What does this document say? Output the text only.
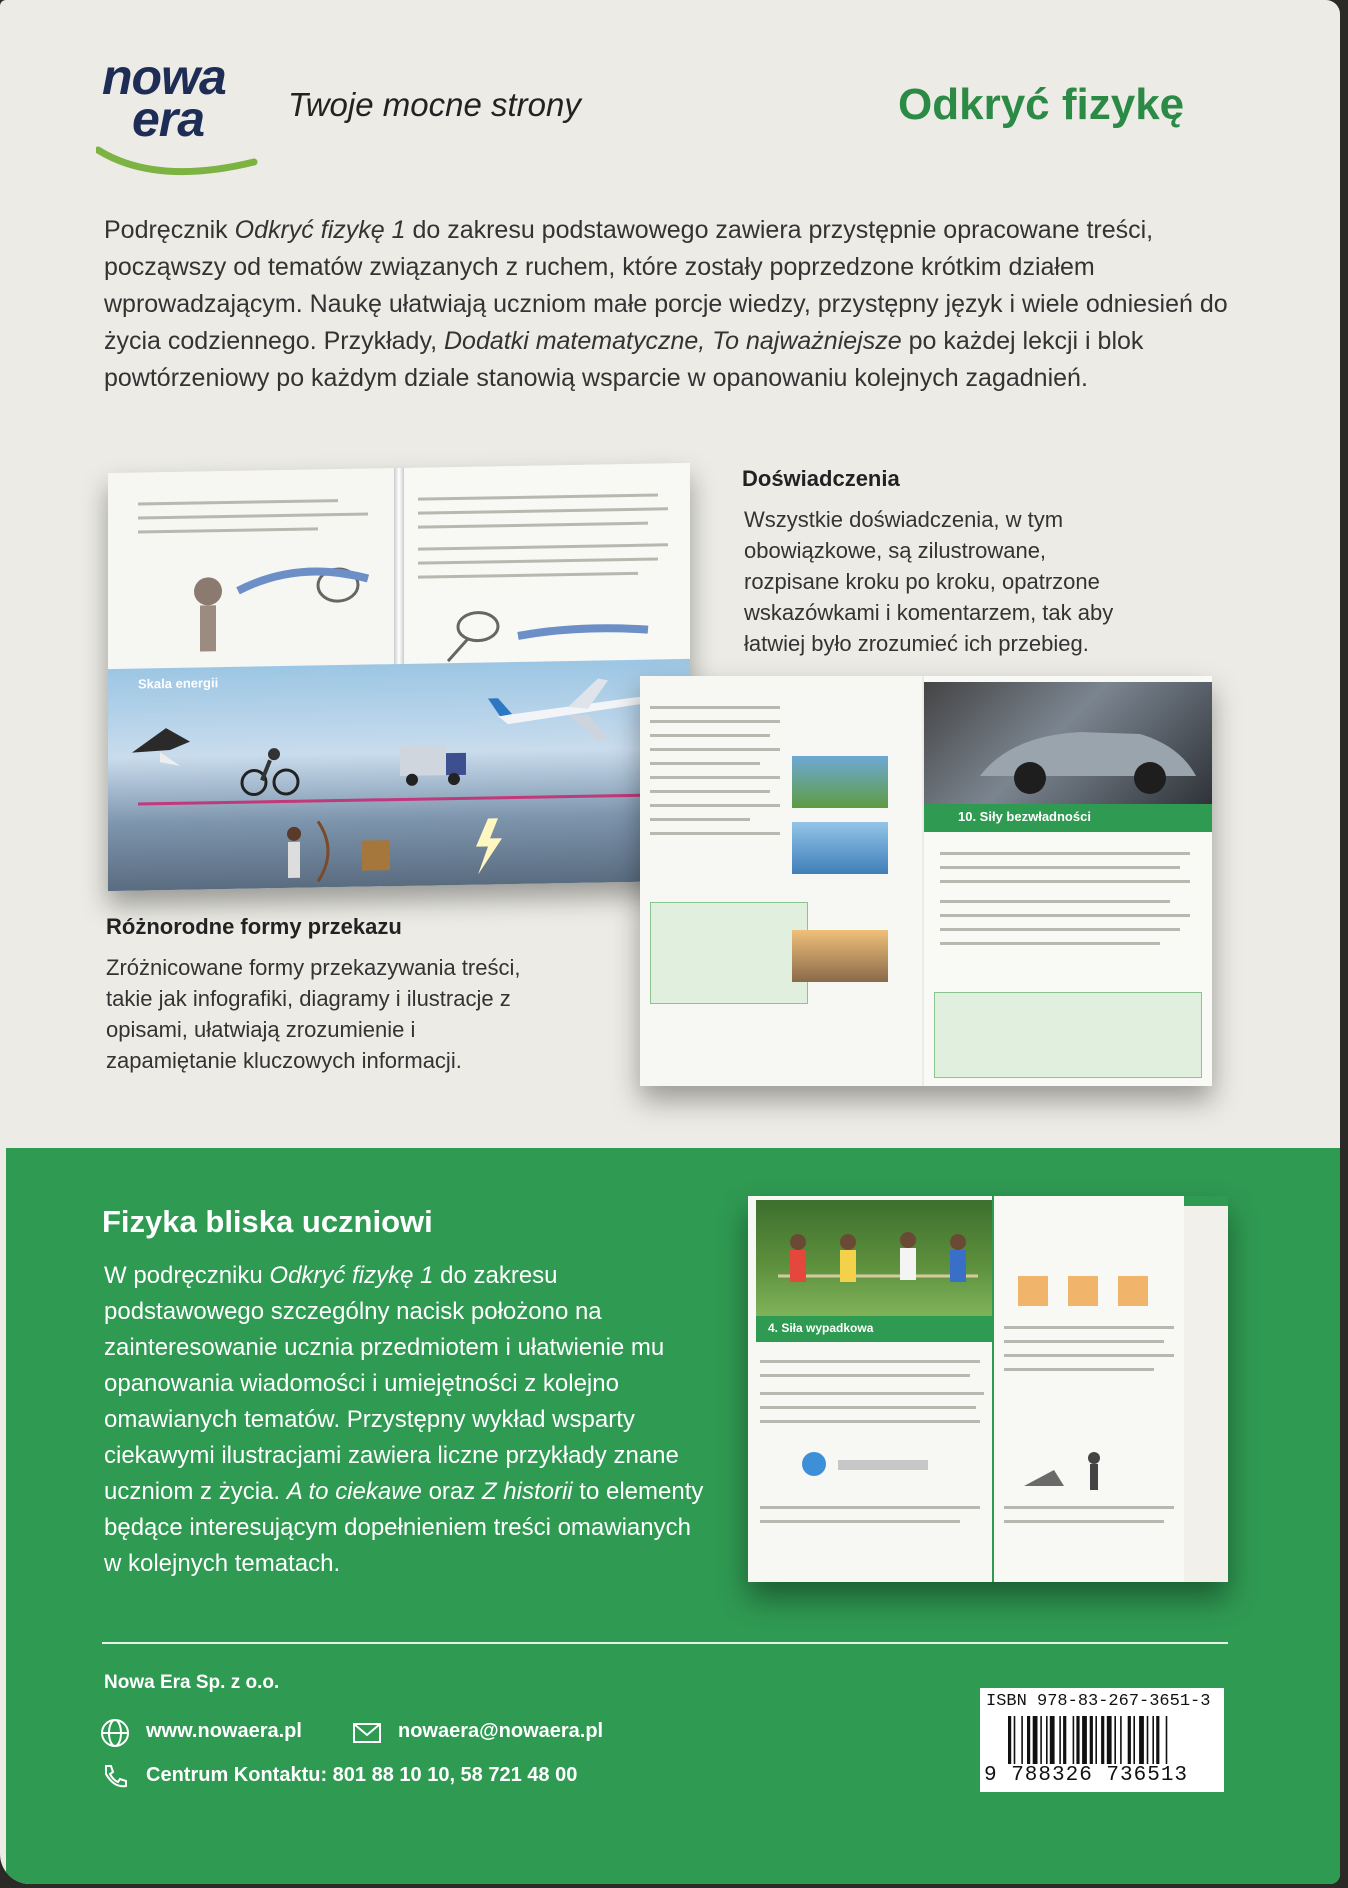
nowa
era	Twoje mocne strony	Odkryć fizykę

Podręcznik Odkryć fizykę 1 do zakresu podstawowego zawiera przystępnie opracowane treści, począwszy od tematów związanych z ruchem, które zostały poprzedzone krótkim działem wprowadzającym. Naukę ułatwiają uczniom małe porcje wiedzy, przystępny język i wiele odniesień do życia codziennego. Przykłady, Dodatki matematyczne, To najważniejsze po każdej lekcji i blok powtórzeniowy po każdym dziale stanowią wsparcie w opanowaniu kolejnych zagadnień.

Skala energii
Doświadczenia
Wszystkie doświadczenia, w tym obowiązkowe, są zilustrowane, rozpisane kroku po kroku, opatrzone wskazówkami i komentarzem, tak aby łatwiej było zrozumieć ich przebieg.
10. Siły bezwładności
Różnorodne formy przekazu
Zróżnicowane formy przekazywania treści, takie jak infografiki, diagramy i ilustracje z opisami, ułatwiają zrozumienie i zapamiętanie kluczowych informacji.
Fizyka bliska uczniowi

W podręczniku Odkryć fizykę 1 do zakresu podstawowego szczególny nacisk położono na zainteresowanie ucznia przedmiotem i ułatwienie mu opanowania wiadomości i umiejętności z kolejno omawianych tematów. Przystępny wykład wsparty ciekawymi ilustracjami zawiera liczne przykłady znane uczniom z życia. A to ciekawe oraz Z historii to elementy będące interesującym dopełnieniem treści omawianych w kolejnych tematach.

4. Siła wypadkowa
Nowa Era Sp. z o.o.
www.nowaera.pl	nowaera@nowaera.pl
Centrum Kontaktu: 801 88 10 10, 58 721 48 00
ISBN 978-83-267-3651-3
9 788326 736513
